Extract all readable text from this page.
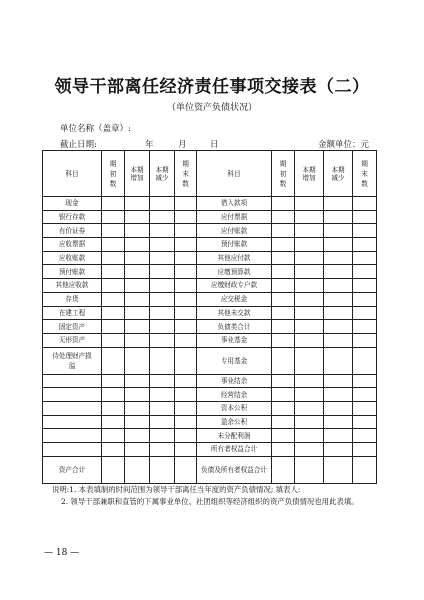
领导干部离任经济责任事项交接表（二）
（单位资产负债状况）
单位名称（盖章）:
截止日期:	年	月	日	金额单位：元
科目	期初数	本期增加	本期减少	期末数	科目	期初数	本期增加	本期减少	期末数

现金					借入款项				
银行存款					应付票据				
有价证券					应付账款				
应收票据					预付账款				
应收账款					其他应付款				
预付账款					应缴预算款				
其他应收款					应缴财政专户款				
存货					应交税金				
在建工程					其他未交款				
固定资产					负债类合计				
无形资产					事业基金				

待处理财产损溢					专用基金				

					事业结余				
					经营结余				
					资本公积				
					盈余公积				
					未分配利润				
					所有者权益合计				
资产合计					负债及所有者权益合计				

说明:1. 本表填制的时间范围为领导干部离任当年度的资产负债情况; 填表人:
2. 领导干部兼职和直管的下属事业单位、社团组织等经济组织的资产负债情况也用此表填。
— 18 —
